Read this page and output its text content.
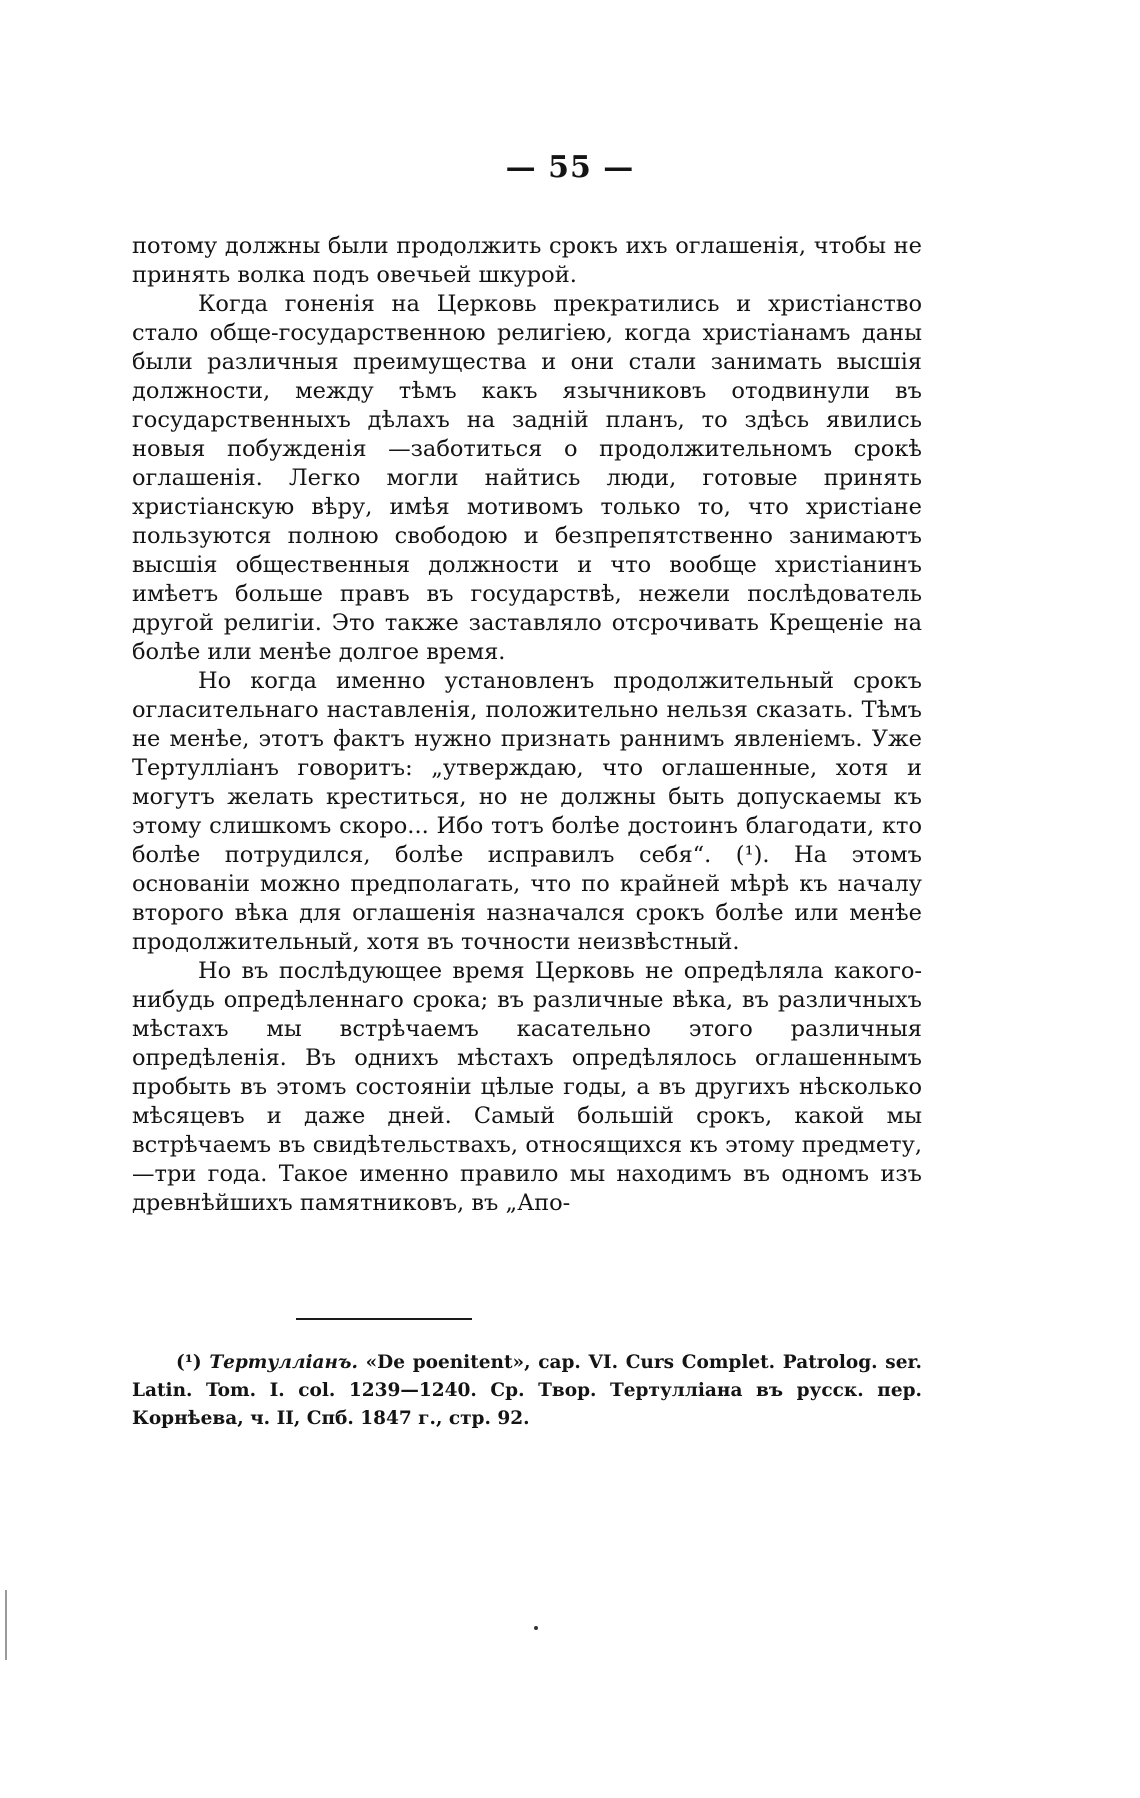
— 55 —

потому должны были продолжить срокъ ихъ оглашенія, чтобы не принять волка подъ овечьей шкурой.

Когда гоненія на Церковь прекратились и христіанство стало обще-государственною религіею, когда христіанамъ даны были различныя преимущества и они стали занимать высшія должности, между тѣмъ какъ язычниковъ отодвинули въ государственныхъ дѣлахъ на заднiй планъ, то здѣсь явились новыя побужденія —заботиться о продолжительномъ срокѣ оглашенія. Легко могли найтись люди, готовые принять христіанскую вѣру, имѣя мотивомъ только то, что христiане пользуются полною свободою и безпрепятственно занимаютъ высшія общественныя должности и что вообще христiанинъ имѣетъ больше правъ въ государствѣ, нежели послѣдователь другой религіи. Это также заставляло отсрочивать Крещеніе на болѣе или менѣе долгое время.

Но когда именно установленъ продолжительный срокъ огласительнаго наставленія, положительно нельзя сказать. Тѣмъ не менѣе, этотъ фактъ нужно признать раннимъ явленіемъ. Уже Тертулліанъ говоритъ: „утверждаю, что оглашенные, хотя и могутъ желать креститься, но не должны быть допускаемы къ этому слишкомъ скоро... Ибо тотъ болѣе достоинъ благодати, кто болѣе потрудился, болѣе исправилъ себя“. (¹). На этомъ основаніи можно предполагать, что по крайней мѣрѣ къ началу второго вѣка для оглашенія назначался срокъ болѣе или менѣе продолжительный, хотя въ точности неизвѣстный.

Но въ послѣдующее время Церковь не опредѣляла какого-нибудь опредѣленнаго срока; въ различные вѣка, въ различныхъ мѣстахъ мы встрѣчаемъ касательно этого различныя опредѣленія. Въ однихъ мѣстахъ опредѣлялось оглашеннымъ пробыть въ этомъ состояніи цѣлые годы, а въ другихъ нѣсколько мѣсяцевъ и даже дней. Самый большій срокъ, какой мы встрѣчаемъ въ свидѣтельствахъ, относящихся къ этому предмету,—три года. Такое именно правило мы находимъ въ одномъ изъ древнѣйшихъ памятниковъ, въ „Апо-

(¹) Тертулліанъ. «De poenitent», cap. VI. Curs Complet. Patrolog. ser. Latin. Tom. I. col. 1239—1240. Ср. Твор. Тертулліана въ русск. пер. Корнѣева, ч. II, Спб. 1847 г., стр. 92.
